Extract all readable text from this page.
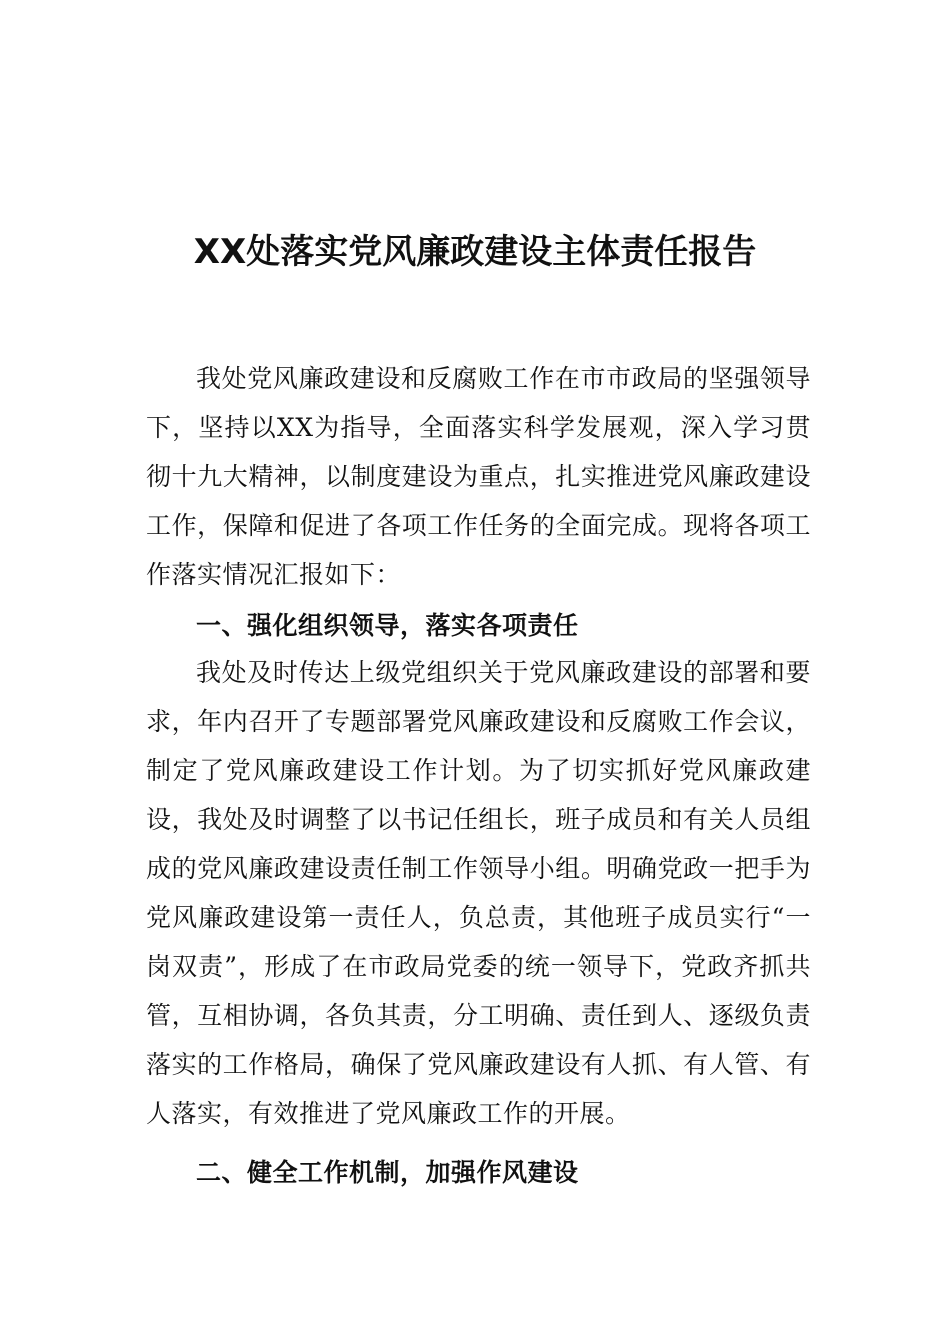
XX处落实党风廉政建设主体责任报告

我处党风廉政建设和反腐败工作在市市政局的坚强领导下，坚持以XX为指导，全面落实科学发展观，深入学习贯彻十九大精神，以制度建设为重点，扎实推进党风廉政建设工作，保障和促进了各项工作任务的全面完成。现将各项工作落实情况汇报如下：

一、强化组织领导，落实各项责任

我处及时传达上级党组织关于党风廉政建设的部署和要求，年内召开了专题部署党风廉政建设和反腐败工作会议，制定了党风廉政建设工作计划。为了切实抓好党风廉政建设，我处及时调整了以书记任组长，班子成员和有关人员组成的党风廉政建设责任制工作领导小组。明确党政一把手为党风廉政建设第一责任人，负总责，其他班子成员实行“一岗双责”，形成了在市政局党委的统一领导下，党政齐抓共管，互相协调，各负其责，分工明确、责任到人、逐级负责落实的工作格局，确保了党风廉政建设有人抓、有人管、有人落实，有效推进了党风廉政工作的开展。

二、健全工作机制，加强作风建设
